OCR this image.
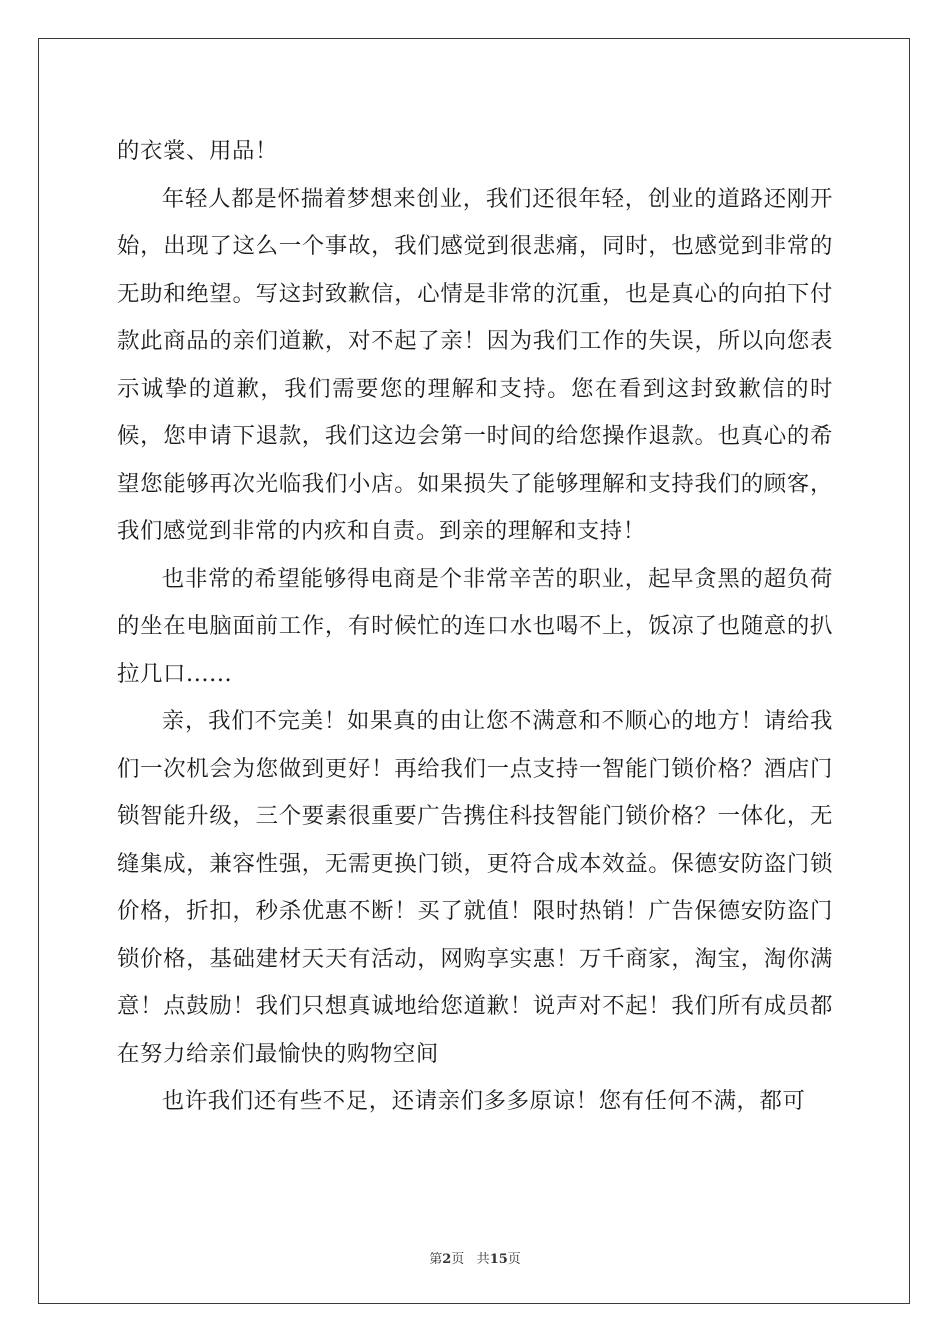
的衣裳、用品！

年轻人都是怀揣着梦想来创业，我们还很年轻，创业的道路还刚开始，出现了这么一个事故，我们感觉到很悲痛，同时，也感觉到非常的无助和绝望。写这封致歉信，心情是非常的沉重，也是真心的向拍下付款此商品的亲们道歉，对不起了亲！因为我们工作的失误，所以向您表示诚挚的道歉，我们需要您的理解和支持。您在看到这封致歉信的时候，您申请下退款，我们这边会第一时间的给您操作退款。也真心的希望您能够再次光临我们小店。如果损失了能够理解和支持我们的顾客，我们感觉到非常的内疚和自责。到亲的理解和支持！

也非常的希望能够得电商是个非常辛苦的职业，起早贪黑的超负荷的坐在电脑面前工作，有时候忙的连口水也喝不上，饭凉了也随意的扒拉几口......

亲，我们不完美！如果真的由让您不满意和不顺心的地方！请给我们一次机会为您做到更好！再给我们一点支持一智能门锁价格？酒店门锁智能升级，三个要素很重要广告携住科技智能门锁价格？一体化，无缝集成，兼容性强，无需更换门锁，更符合成本效益。保德安防盗门锁价格，折扣，秒杀优惠不断！买了就值！限时热销！广告保德安防盗门锁价格，基础建材天天有活动，网购享实惠！万千商家，淘宝，淘你满意！点鼓励！我们只想真诚地给您道歉！说声对不起！我们所有成员都在努力给亲们最愉快的购物空间

也许我们还有些不足，还请亲们多多原谅！您有任何不满，都可

第2页 共15页
